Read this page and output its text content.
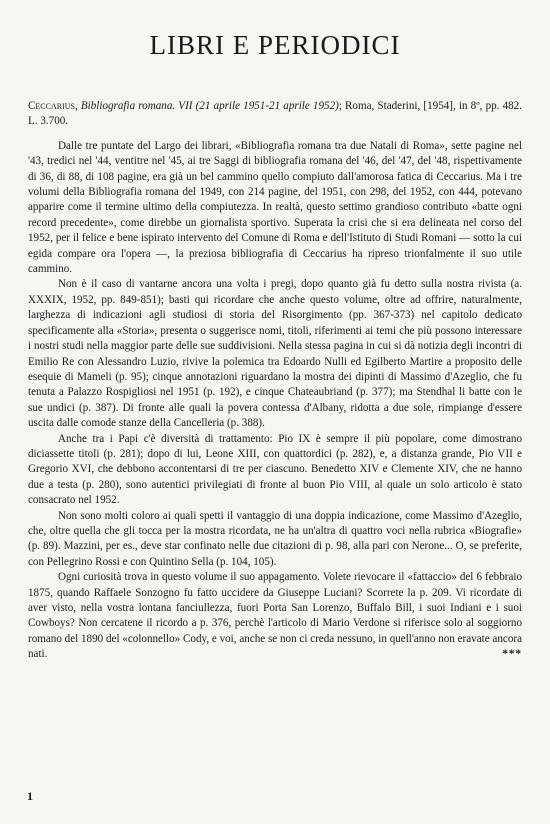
LIBRI E PERIODICI

Ceccarius, Bibliografia romana. VII (21 aprile 1951-21 aprile 1952); Roma, Staderini, [1954], in 8º, pp. 482. L. 3.700.

Dalle tre puntate del Largo dei librari, «Bibliografia romana tra due Natali di Roma», sette pagine nel '43, tredici nel '44, ventitre nel '45, ai tre Saggi di bibliografia romana del '46, del '47, del '48, rispettivamente di 36, di 88, di 108 pagine, era già un bel cammino quello compiuto dall'amorosa fatica di Ceccarius. Ma i tre volumi della Bibliografia romana del 1949, con 214 pagine, del 1951, con 298, del 1952, con 444, potevano apparire come il termine ultimo della compiutezza. In realtà, questo settimo grandioso contributo «batte ogni record precedente», come direbbe un giornalista sportivo. Superata la crisi che si era delineata nel corso del 1952, per il felice e bene ispirato intervento del Comune di Roma e dell'Istituto di Studi Romani — sotto la cui egida compare ora l'opera —, la preziosa bibliografia di Ceccarius ha ripreso trionfalmente il suo utile cammino.

Non è il caso di vantarne ancora una volta i pregi, dopo quanto già fu detto sulla nostra rivista (a. XXXIX, 1952, pp. 849-851); basti qui ricordare che anche questo volume, oltre ad offrire, naturalmente, larghezza di indicazioni agli studiosi di storia del Risorgimento (pp. 367-373) nel capitolo dedicato specificamente alla «Storia», presenta o suggerisce nomi, titoli, riferimenti ai temi che più possono interessare i nostri studi nella maggior parte delle sue suddivisioni. Nella stessa pagina in cui si dà notizia degli incontri di Emilio Re con Alessandro Luzio, rivive la polemica tra Edoardo Nulli ed Egilberto Martire a proposito delle esequie di Mameli (p. 95); cinque annotazioni riguardano la mostra dei dipinti di Massimo d'Azeglio, che fu tenuta a Palazzo Rospigliosi nel 1951 (p. 192), e cinque Chateaubriand (p. 377); ma Stendhal li batte con le sue undici (p. 387). Di fronte alle quali la povera contessa d'Albany, ridotta a due sole, rimpiange d'essere uscita dalle comode stanze della Cancelleria (p. 388).

Anche tra i Papi c'è diversità di trattamento: Pio IX è sempre il più popolare, come dimostrano diciassette titoli (p. 281); dopo di lui, Leone XIII, con quattordici (p. 282), e, a distanza grande, Pio VII e Gregorio XVI, che debbono accontentarsi di tre per ciascuno. Benedetto XIV e Clemente XIV, che ne hanno due a testa (p. 280), sono autentici privilegiati di fronte al buon Pio VIII, al quale un solo articolo è stato consacrato nel 1952.

Non sono molti coloro ai quali spetti il vantaggio di una doppia indicazione, come Massimo d'Azeglio, che, oltre quella che gli tocca per la mostra ricordata, ne ha un'altra di quattro voci nella rubrica «Biografie» (p. 89). Mazzini, per es., deve star confinato nelle due citazioni di p. 98, alla pari con Nerone... O, se preferite, con Pellegrino Rossi e con Quintino Sella (p. 104, 105).

Ogni curiosità trova in questo volume il suo appagamento. Volete rievocare il «fattaccio» del 6 febbraio 1875, quando Raffaele Sonzogno fu fatto uccidere da Giuseppe Luciani? Scorrete la p. 209. Vi ricordate di aver visto, nella vostra lontana fanciullezza, fuori Porta San Lorenzo, Buffalo Bill, i suoi Indiani e i suoi Cowboys? Non cercatene il ricordo a p. 376, perchè l'articolo di Mario Verdone si riferisce solo al soggiorno romano del 1890 del «colonnello» Cody, e voi, anche se non ci creda nessuno, in quell'anno non eravate ancora nati.	***

1
